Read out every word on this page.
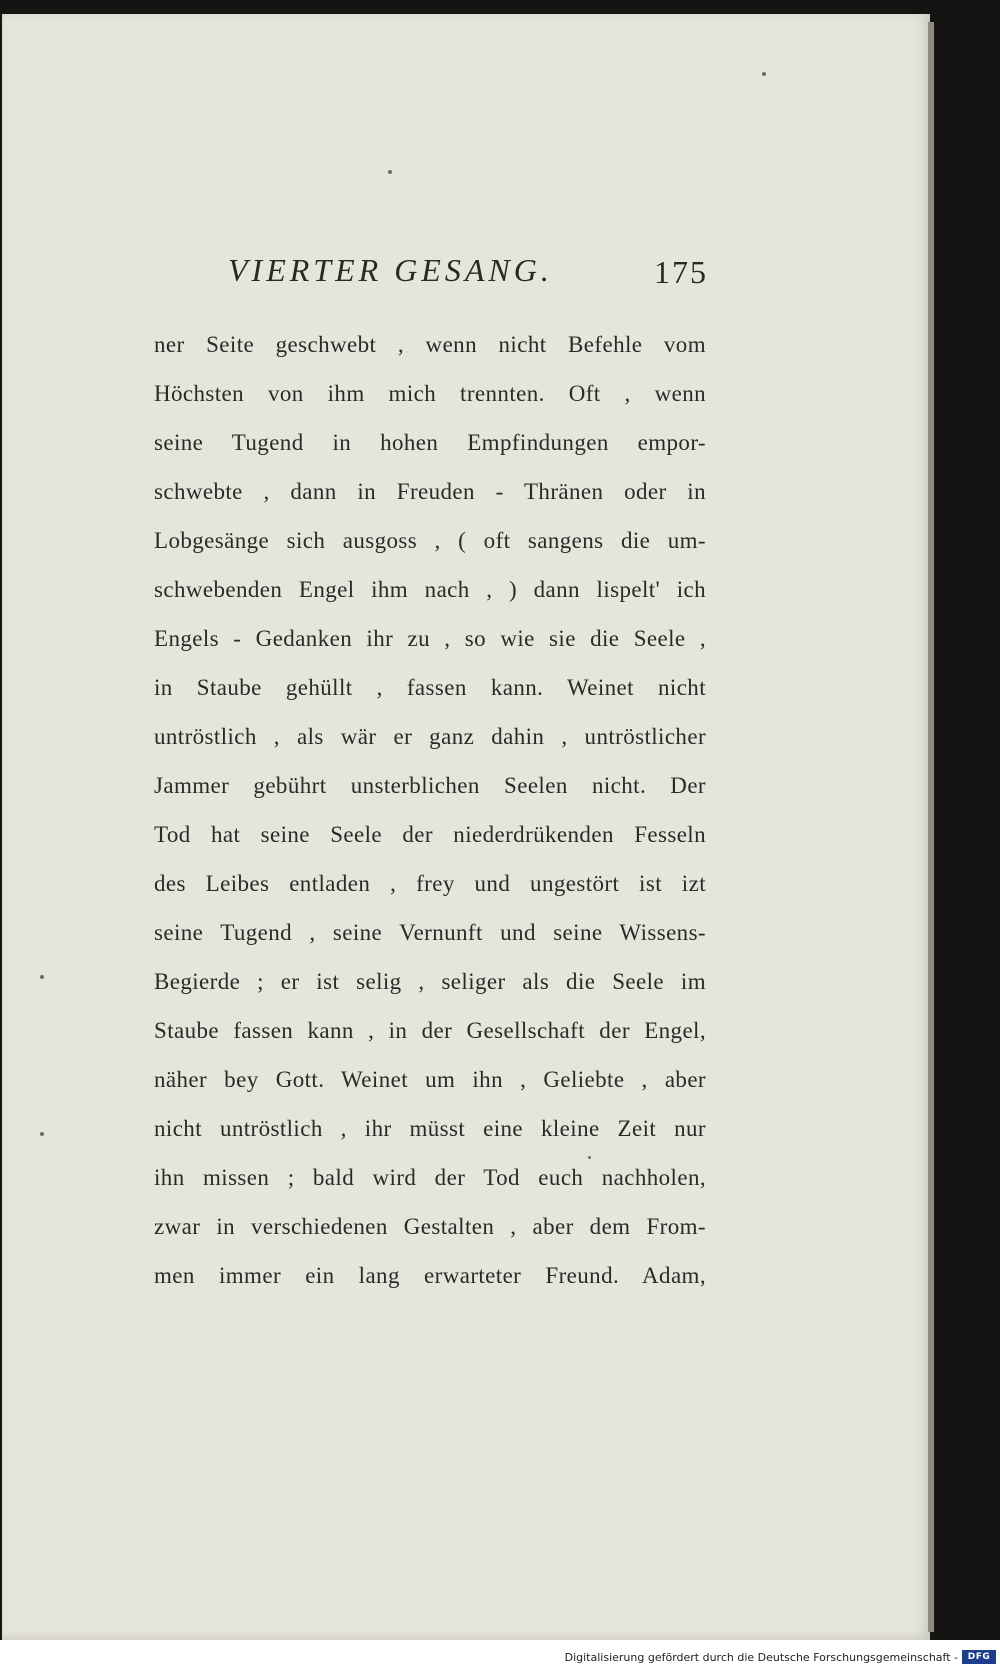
VIERTER GESANG.	175
ner Seite geschwebt , wenn nicht Befehle vom
Höchsten von ihm mich trennten. Oft , wenn
seine Tugend in hohen Empfindungen empor-
schwebte , dann in Freuden - Thränen oder in
Lobgesänge sich ausgoss , ( oft sangens die um-
schwebenden Engel ihm nach , ) dann lispelt' ich
Engels - Gedanken ihr zu , so wie sie die Seele ,
in Staube gehüllt , fassen kann. Weinet nicht
untröstlich , als wär er ganz dahin , untröstlicher
Jammer gebührt unsterblichen Seelen nicht. Der
Tod hat seine Seele der niederdrükenden Fesseln
des Leibes entladen , frey und ungestört ist izt
seine Tugend , seine Vernunft und seine Wissens-
Begierde ; er ist selig , seliger als die Seele im
Staube fassen kann , in der Gesellschaft der Engel,
näher bey Gott. Weinet um ihn , Geliebte , aber
nicht untröstlich , ihr müsst eine kleine Zeit nur
ihn missen ; bald wird der Tod euch nachholen,
zwar in verschiedenen Gestalten , aber dem From-
men immer ein lang erwarteter Freund. Adam,
Digitalisierung gefördert durch die Deutsche Forschungsgemeinschaft -	DFG
